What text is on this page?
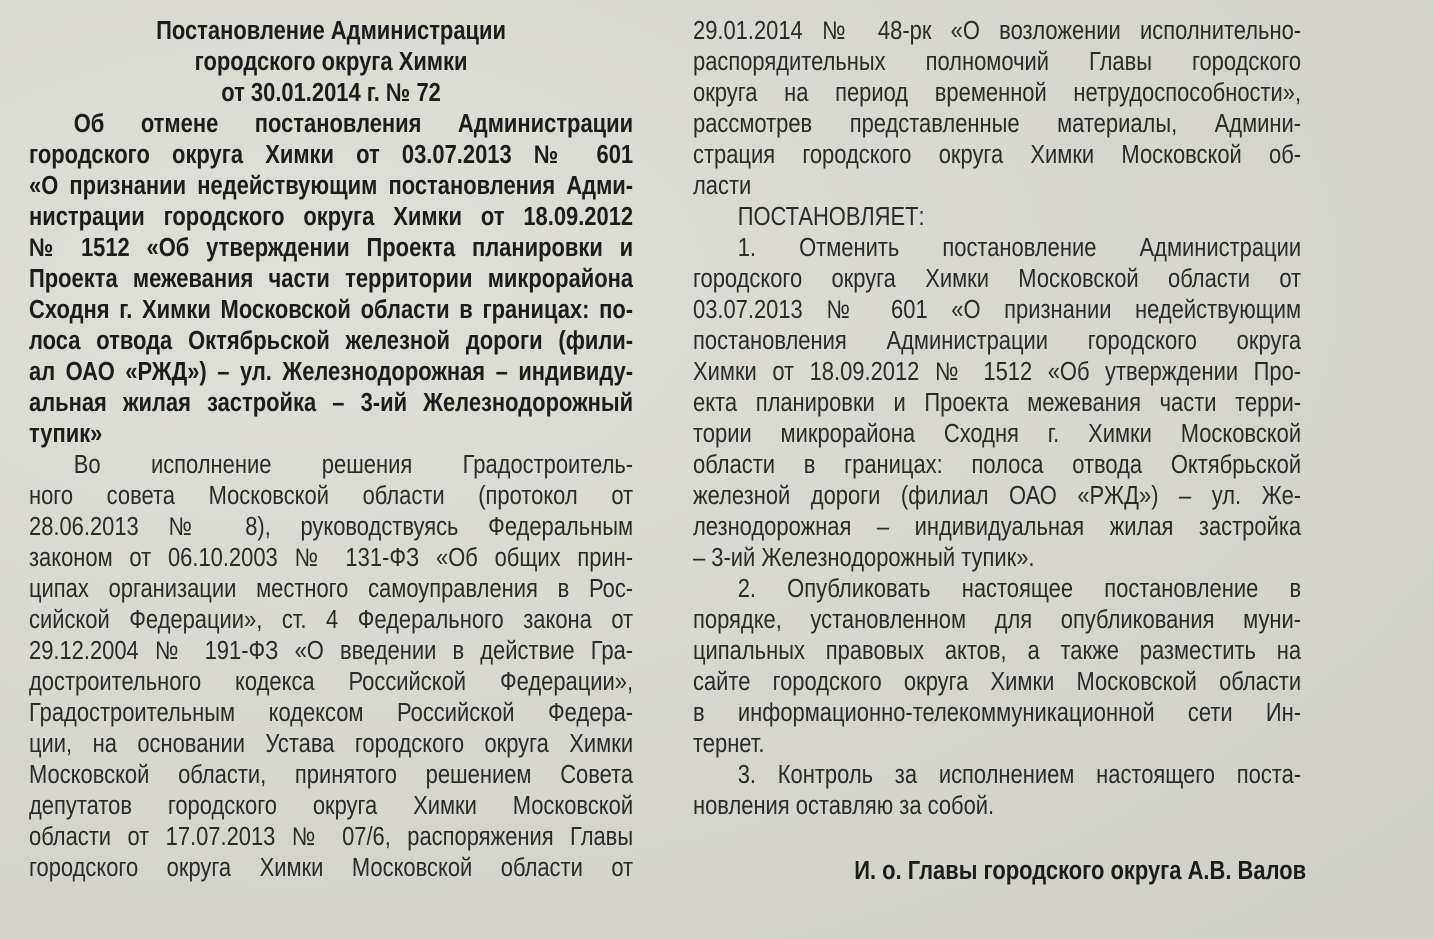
Постановление Администрации
городского округа Химки
от 30.01.2014 г. № 72
Об отмене постановления Администрации
городского округа Химки от 03.07.2013 № 601
«О признании недействующим постановления Адми-
нистрации городского округа Химки от 18.09.2012
№ 1512 «Об утверждении Проекта планировки и
Проекта межевания части территории микрорайона
Сходня г. Химки Московской области в границах: по-
лоса отвода Октябрьской железной дороги (фили-
ал ОАО «РЖД») – ул. Железнодорожная – индивиду-
альная жилая застройка – 3-ий Железнодорожный
тупик»
Во исполнение решения Градостроитель-
ного совета Московской области (протокол от
28.06.2013 № 8), руководствуясь Федеральным
законом от 06.10.2003 № 131-ФЗ «Об общих прин-
ципах организации местного самоуправления в Рос-
сийской Федерации», ст. 4 Федерального закона от
29.12.2004 № 191-ФЗ «О введении в действие Гра-
достроительного кодекса Российской Федерации»,
Градостроительным кодексом Российской Федера-
ции, на основании Устава городского округа Химки
Московской области, принятого решением Совета
депутатов городского округа Химки Московской
области от 17.07.2013 № 07/6, распоряжения Главы
городского округа Химки Московской области от
29.01.2014 № 48-рк «О возложении исполнительно-
распорядительных полномочий Главы городского
округа на период временной нетрудоспособности»,
рассмотрев представленные материалы, Админи-
страция городского округа Химки Московской об-
ласти
ПОСТАНОВЛЯЕТ:
1. Отменить постановление Администрации
городского округа Химки Московской области от
03.07.2013 № 601 «О признании недействующим
постановления Администрации городского округа
Химки от 18.09.2012 № 1512 «Об утверждении Про-
екта планировки и Проекта межевания части терри-
тории микрорайона Сходня г. Химки Московской
области в границах: полоса отвода Октябрьской
железной дороги (филиал ОАО «РЖД») – ул. Же-
лезнодорожная – индивидуальная жилая застройка
– 3-ий Железнодорожный тупик».
2. Опубликовать настоящее постановление в
порядке, установленном для опубликования муни-
ципальных правовых актов, а также разместить на
сайте городского округа Химки Московской области
в информационно-телекоммуникационной сети Ин-
тернет.
3. Контроль за исполнением настоящего поста-
новления оставляю за собой.
И. о. Главы городского округа А.В. Валов
